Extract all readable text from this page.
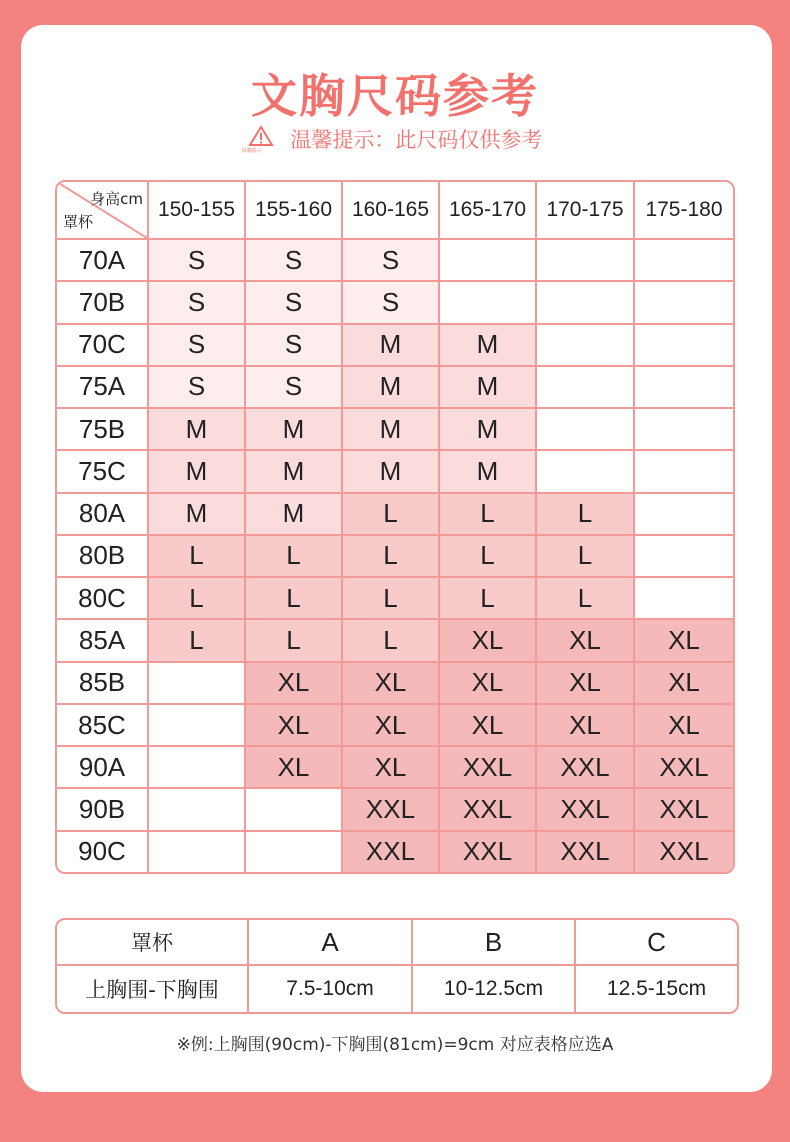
文胸尺码参考
温馨提示 温馨提示：此尺码仅供参考
身高cm
罩杯	150-155	155-160	160-165	165-170	170-175	175-180
70A	S	S	S			
70B	S	S	S			
70C	S	S	M	M		
75A	S	S	M	M		
75B	M	M	M	M		
75C	M	M	M	M		
80A	M	M	L	L	L	
80B	L	L	L	L	L	
80C	L	L	L	L	L	
85A	L	L	L	XL	XL	XL
85B		XL	XL	XL	XL	XL
85C		XL	XL	XL	XL	XL
90A		XL	XL	XXL	XXL	XXL
90B			XXL	XXL	XXL	XXL
90C			XXL	XXL	XXL	XXL
罩杯	A	B	C
上胸围-下胸围	7.5-10cm	10-12.5cm	12.5-15cm
※例:上胸围(90cm)-下胸围(81cm)=9cm 对应表格应选A
